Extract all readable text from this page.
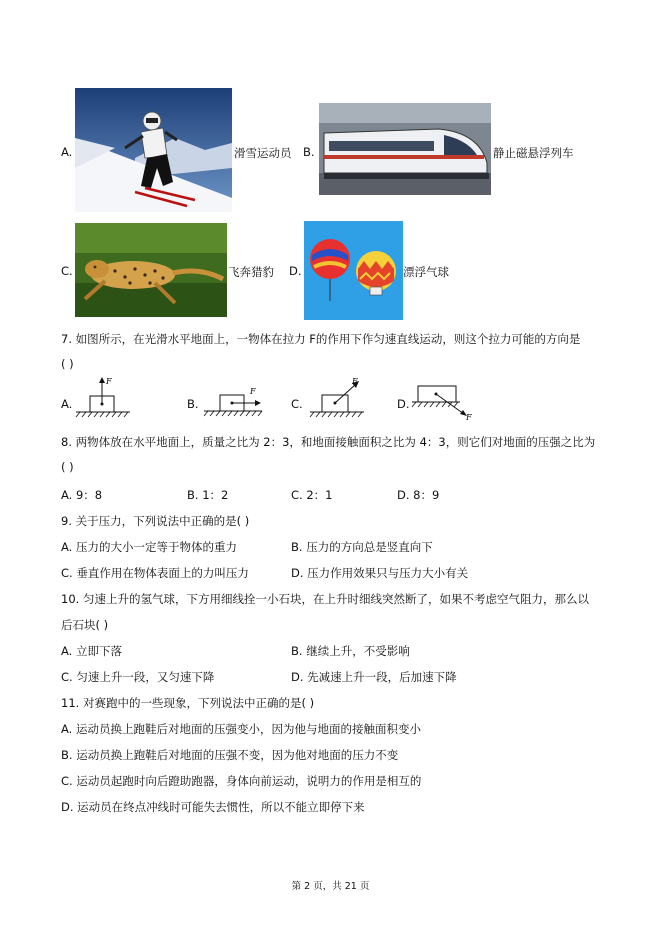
A.	滑雪运动员 B.	静止磁悬浮列车
C.	飞奔猎豹 D.	漂浮气球
7. 如图所示，在光滑水平地面上，一物体在拉力 F的作用下作匀速直线运动，则这个拉力可能的方向是
( )
A.
F
B.
F
C.
F
D.
F
8. 两物体放在水平地面上，质量之比为 2：3，和地面接触面积之比为 4：3，则它们对地面的压强之比为
( )
A. 9：8	B. 1：2	C. 2：1	D. 8：9
9. 关于压力，下列说法中正确的是( )
A. 压力的大小一定等于物体的重力	B. 压力的方向总是竖直向下
C. 垂直作用在物体表面上的力叫压力	D. 压力作用效果只与压力大小有关
10. 匀速上升的氢气球，下方用细线拴一小石块，在上升时细线突然断了，如果不考虑空气阻力，那么以
后石块( )
A. 立即下落	B. 继续上升，不受影响
C. 匀速上升一段，又匀速下降	D. 先减速上升一段，后加速下降
11. 对赛跑中的一些现象，下列说法中正确的是( )
A. 运动员换上跑鞋后对地面的压强变小，因为他与地面的接触面积变小
B. 运动员换上跑鞋后对地面的压强不变，因为他对地面的压力不变
C. 运动员起跑时向后蹬助跑器，身体向前运动，说明力的作用是相互的
D. 运动员在终点冲线时可能失去惯性，所以不能立即停下来
第 2 页，共 21 页
